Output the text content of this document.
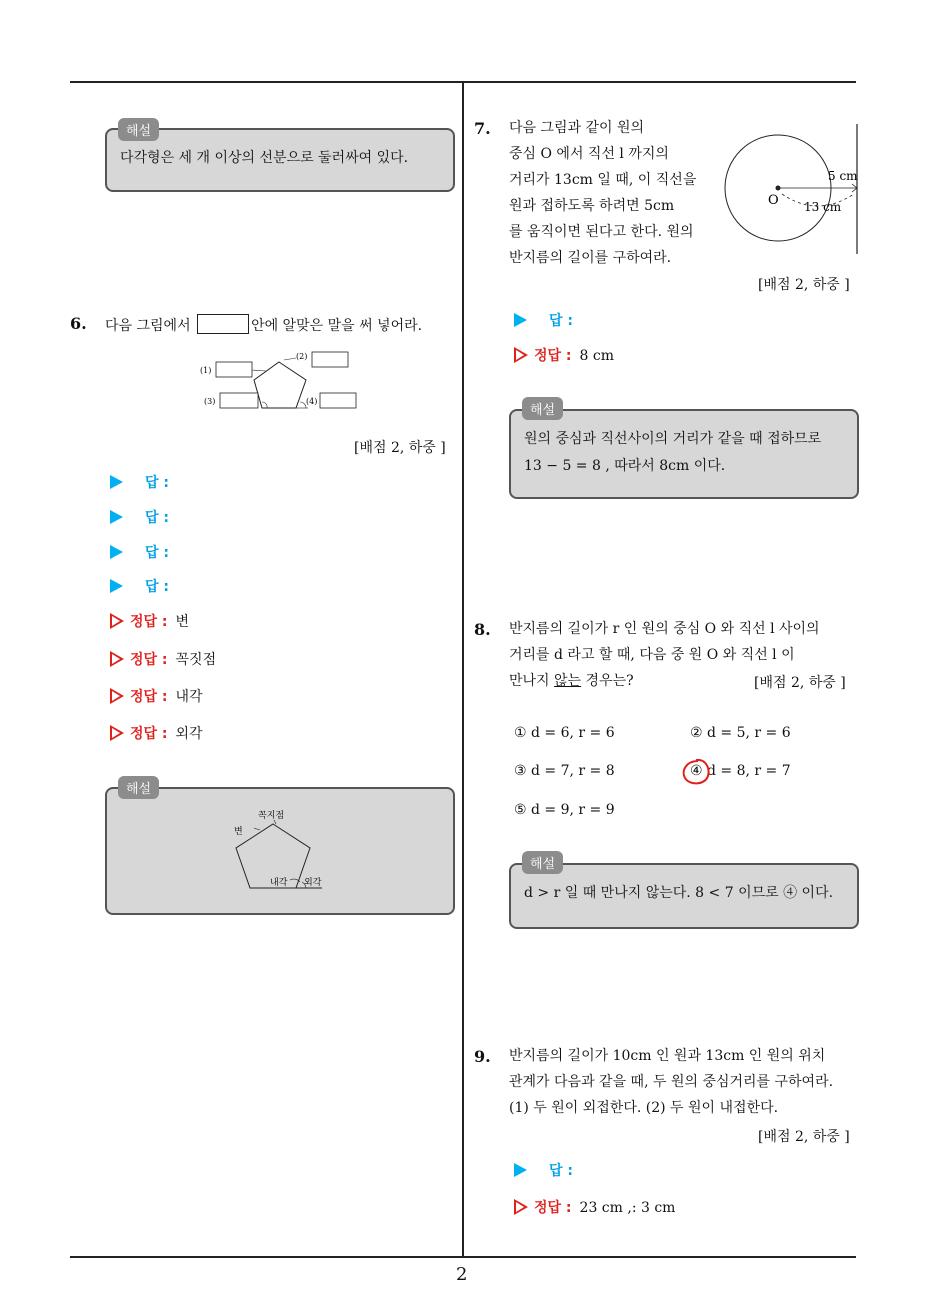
2
해설
다각형은 세 개 이상의 선분으로 둘러싸여 있다.
6. 다음 그림에서	안에 알맞은 말을 써 넣어라.
(1)
(2)
(3)	(4)
[배점 2, 하중 ]
답 :
답 :
답 :
답 :
정답 : 변
정답 : 꼭짓점
정답 : 내각
정답 : 외각
해설
꼭지점
변
내각 외각
7. 다음 그림과 같이 원의
중심 O 에서 직선 l 까지의
거리가 13cm 일 때, 이 직선을
원과 접하도록 하려면 5cm
를 움직이면 된다고 한다. 원의
반지름의 길이를 구하여라.
O
5 cm
13 cm
[배점 2, 하중 ]
답 :
정답 : 8 cm
해설
원의 중심과 직선사이의 거리가 같을 때 접하므로
13 − 5 = 8 , 따라서 8cm 이다.
8. 반지름의 길이가 r 인 원의 중심 O 와 직선 l 사이의
거리를 d 라고 할 때, 다음 중 원 O 와 직선 l 이
만나지 않는 경우는?	[배점 2, 하중 ]
① d = 6, r = 6	② d = 5, r = 6
③ d = 7, r = 8	④ d = 8, r = 7
⑤ d = 9, r = 9
해설
d > r 일 때 만나지 않는다. 8 < 7 이므로 ④ 이다.
9. 반지름의 길이가 10cm 인 원과 13cm 인 원의 위치
관계가 다음과 같을 때, 두 원의 중심거리를 구하여라.
(1) 두 원이 외접한다. (2) 두 원이 내접한다.
[배점 2, 하중 ]
답 :
정답 : 23 cm ,: 3 cm
